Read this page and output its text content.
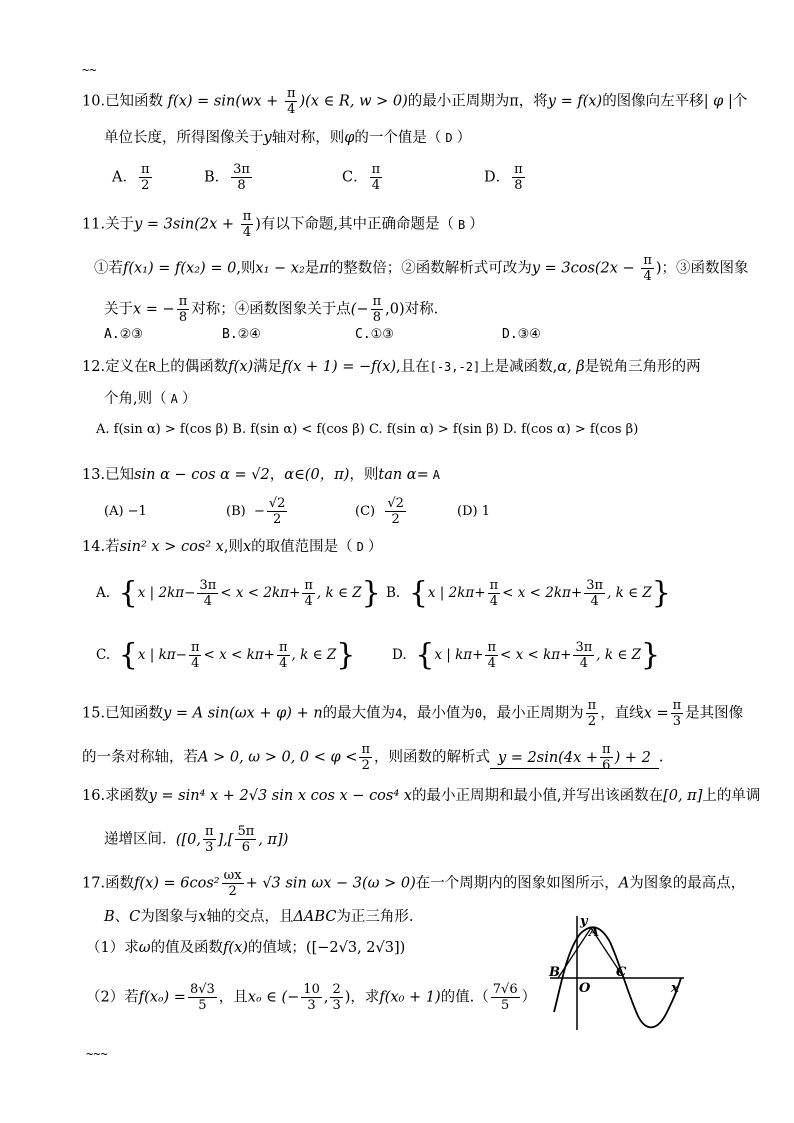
~~
10.已知函数 $f(x) = \sin(wx + \frac{\pi}{4} )(x$ ∈ R, w > 0)的最小正周期为π，将y = f(x)的图像向左平移| φ |个
单位长度，所得图像关于y轴对称，则φ的一个值是（ D ）
A． $\frac{\pi}{2}$	B． $\frac{3\pi}{8}$	C． $\frac{\pi}{4}$	D． $\frac{\pi}{8}$
11.关于$y = 3\sin(2x + \frac{\pi}{4}$ )有以下命题,其中正确命题是（ B ）
①若f(x₁) = f(x₂) = 0,则x₁ − x₂是π的整数倍；②函数解析式可改为$y = 3\cos(2x - \frac{\pi}{4}$ )；③函数图象
关于x = − $\frac{\pi}{8}$ 对称；④函数图象关于点(− $\frac{\pi}{8} ,0$)对称.
A.②③	B.②④	C.①③	D.③④
12.定义在R上的偶函数f(x)满足f(x + 1) = −f(x),且在[-3,-2]上是减函数,α, β是锐角三角形的两
个角,则（ A ）
A. f(sin α) > f(cos β) B. f(sin α) < f(cos β) C. f(sin α) > f(sin β) D. f(cos α) > f(cos β)
13.已知sin α − cos α = √2，α∈(0，π)，则tan α= A
(A) −1	$(B) - \frac{√2}{2}$	$(C) \frac{√2}{2}$	(D) 1
14.若sin² x > cos² x,则x的取值范围是（ D ）
A. {x | $2k\pi- \frac{3\pi}{4} < x < 2k\pi+ \frac{\pi}{4}$ , k ∈ Z} B. {x | $2k\pi+ \frac{\pi}{4} < x < 2k\pi+ \frac{3\pi}{4}$ , k ∈ Z}
C. {x | $k\pi- \frac{\pi}{4} < x < k\pi+ \frac{\pi}{4}$ , k ∈ Z}	D. {x | $k\pi+ \frac{\pi}{4} < x < k\pi+ \frac{3\pi}{4}$ , k ∈ Z}
15.已知函数y = A sin(ωx + φ) + n的最大值为4，最小值为0，最小正周期为 $\frac{\pi}{2}$ ，直线$x = \frac{\pi}{3}$ 是其图像
的一条对称轴，若A > 0, ω > 0, $0 < \varphi < \frac{\pi}{2}$ ，则函数的解析式 $y = 2\sin(4x + \frac{\pi}{6}$ ) + 2 .
16.求函数y = sin⁴ x + 2√3 sin x cos x − cos⁴ x的最小正周期和最小值,并写出该函数在[0, π]上的单调
递增区间. ([0, $\frac{\pi}{3}$ ],[ $\frac{5\pi}{6}$ , π])
17.函数$f(x) = 6\cos^2 \frac{\omega x}{2} + √3$ sin ωx − 3(ω > 0)在一个周期内的图象如图所示，A为图象的最高点，
B、C为图象与x轴的交点，且ΔABC为正三角形.
（1）求ω的值及函数f(x)的值域；([−2√3, 2√3])
（2）若$f(x_o) = \frac{8√3}{5}$ ，且xₒ ∈ (− $\frac{10}{3}$ , $\frac{2}{3}$ )，求f(x₀ + 1)的值.（ $\frac{7√6}{5}$ ）
y
A
B	C
O	x
~~~
